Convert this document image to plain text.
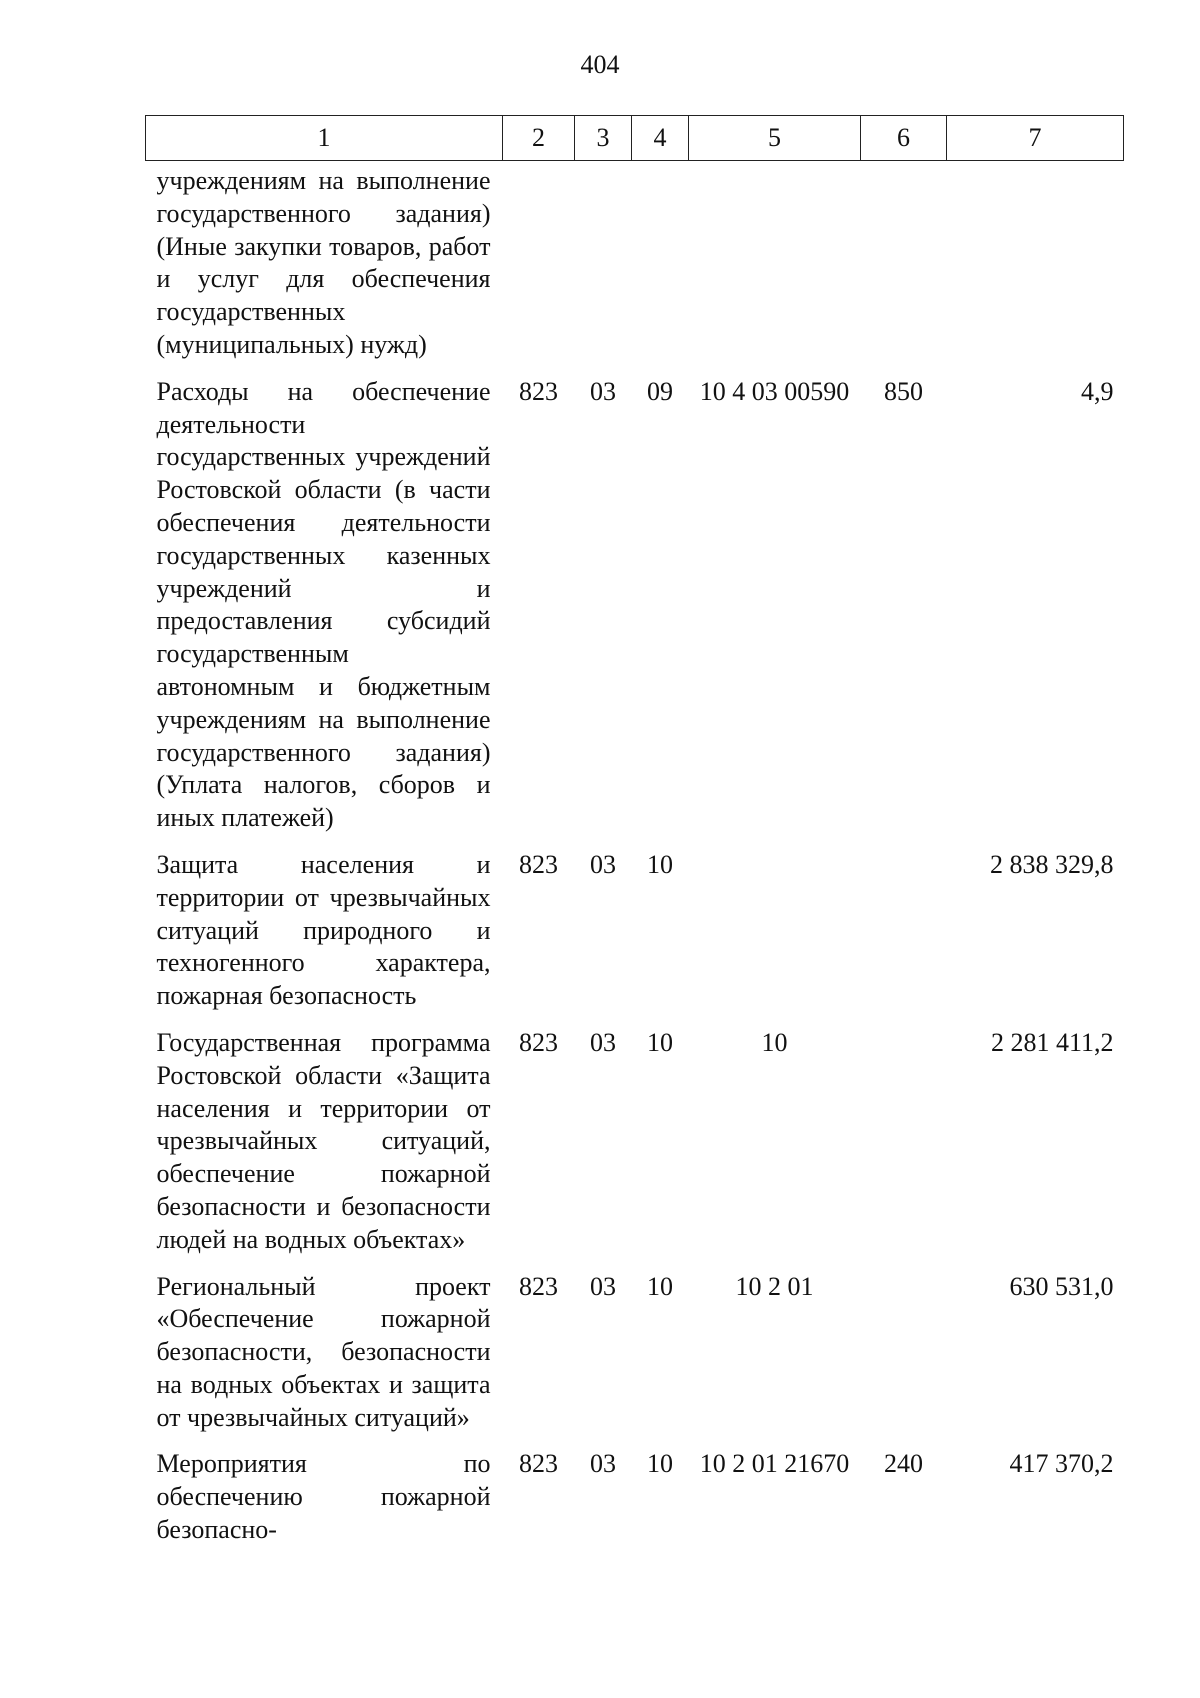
404
1	2	3	4	5	6	7
учреждениям на выполнение государственного задания) (Иные закупки товаров, работ и услуг для обеспечения государственных (муниципальных) нужд)						
Расходы на обеспечение деятельности государственных учреждений Ростовской области (в части обеспечения деятельности государственных казенных учреждений и предоставления субсидий государственным автономным и бюджетным учреждениям на выполнение государственного задания) (Уплата налогов, сборов и иных платежей)	823	03	09	10 4 03 00590	850	4,9
Защита населения и территории от чрезвычайных ситуаций природного и техногенного характера, пожарная безопасность	823	03	10			2 838 329,8
Государственная программа Ростовской области «Защита населения и территории от чрезвычайных ситуаций, обеспечение пожарной безопасности и безопасности людей на водных объектах»	823	03	10	10		2 281 411,2
Региональный проект «Обеспечение пожарной безопасности, безопасности на водных объектах и защита от чрезвычайных ситуаций»	823	03	10	10 2 01		630 531,0
Мероприятия по обеспечению пожарной безопасно-	823	03	10	10 2 01 21670	240	417 370,2
